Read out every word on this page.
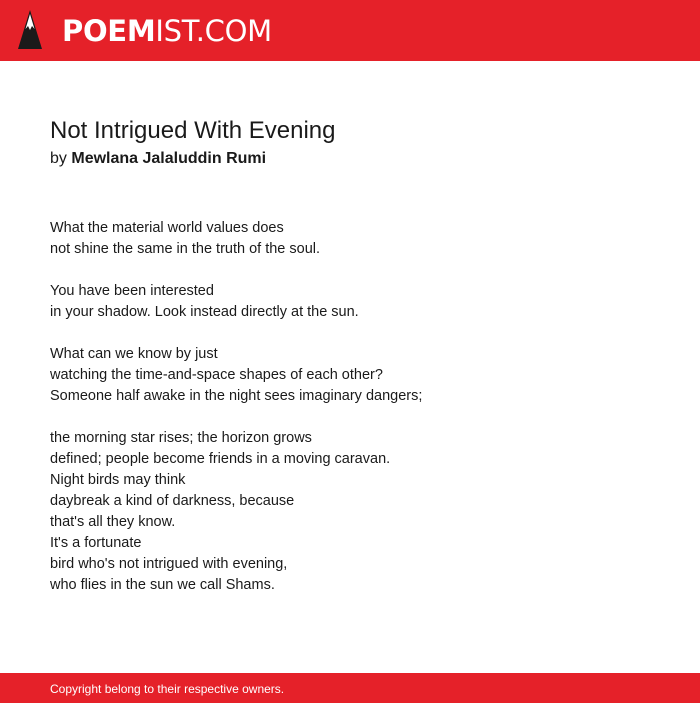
POEMIST.COM
Not Intrigued With Evening
by Mewlana Jalaluddin Rumi
What the material world values does
not shine the same in the truth of the soul.
You have been interested
in your shadow. Look instead directly at the sun.
What can we know by just
watching the time-and-space shapes of each other?
Someone half awake in the night sees imaginary dangers;
the morning star rises; the horizon grows
defined; people become friends in a moving caravan.
Night birds may think
daybreak a kind of darkness, because
that's all they know.
It's a fortunate
bird who's not intrigued with evening,
who flies in the sun we call Shams.
Copyright belong to their respective owners.
